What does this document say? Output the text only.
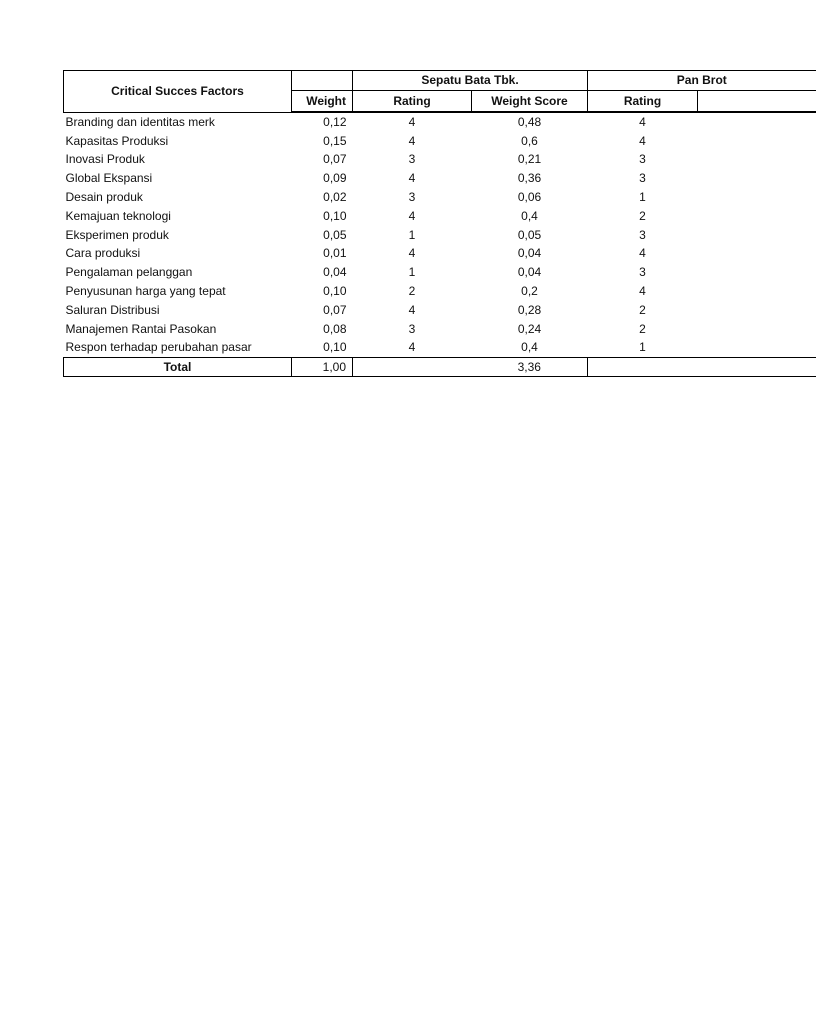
Critical Succes Factors		Sepatu Bata Tbk.		Pan Brot	
	Weight	Rating	Weight Score	Rating	
Branding dan identitas merk	0,12	4	0,48	4	
Kapasitas Produksi	0,15	4	0,6	4	
Inovasi Produk	0,07	3	0,21	3	
Global Ekspansi	0,09	4	0,36	3	
Desain produk	0,02	3	0,06	1	
Kemajuan teknologi	0,10	4	0,4	2	
Eksperimen produk	0,05	1	0,05	3	
Cara produksi	0,01	4	0,04	4	
Pengalaman pelanggan	0,04	1	0,04	3	
Penyusunan harga yang tepat	0,10	2	0,2	4	
Saluran Distribusi	0,07	4	0,28	2	
Manajemen Rantai Pasokan	0,08	3	0,24	2	
Respon terhadap perubahan pasar	0,10	4	0,4	1	
Total	1,00		3,36		
